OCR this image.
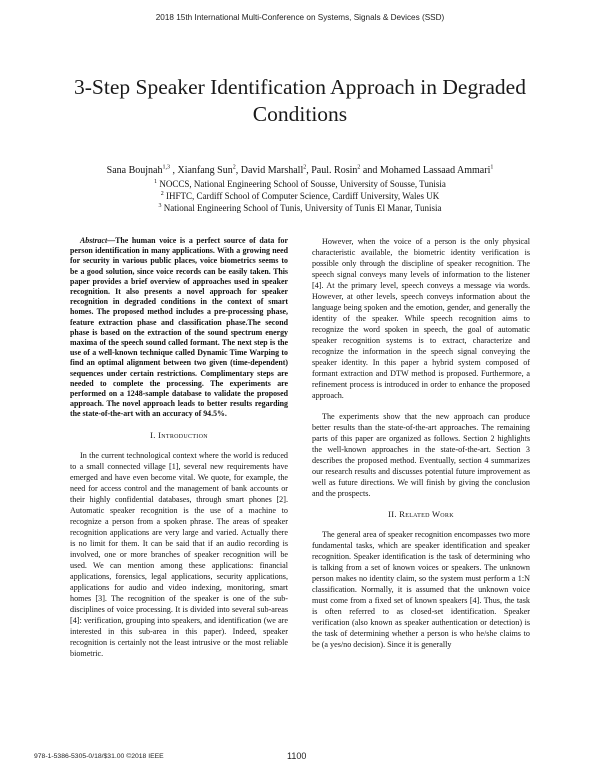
2018 15th International Multi-Conference on Systems, Signals & Devices (SSD)
3-Step Speaker Identification Approach in Degraded Conditions
Sana Boujnah$^{1,3}$ , Xianfang Sun$^2$, David Marshall$^2$, Paul. Rosin$^2$ and Mohamed Lassaad Ammari$^1$
$^1$ NOCCS, National Engineering School of Sousse, University of Sousse, Tunisia
$^2$ IHFTC, Cardiff School of Computer Science, Cardiff University, Wales UK
$^3$ National Engineering School of Tunis, University of Tunis El Manar, Tunisia

Abstract—The human voice is a perfect source of data for person identification in many applications. With a growing need for security in various public places, voice biometrics seems to be a good solution, since voice records can be easily taken. This paper provides a brief overview of approaches used in speaker recognition. It also presents a novel approach for speaker recognition in degraded conditions in the context of smart homes. The proposed method includes a pre-processing phase, feature extraction phase and classification phase.The second phase is based on the extraction of the sound spectrum energy maxima of the speech sound called formant. The next step is the use of a well-known technique called Dynamic Time Warping to find an optimal alignment between two given (time-dependent) sequences under certain restrictions. Complimentary steps are needed to complete the processing. The experiments are performed on a 1248-sample database to validate the proposed approach. The novel approach leads to better results regarding the state-of-the-art with an accuracy of 94.5%.

I. Introduction

In the current technological context where the world is reduced to a small connected village [1], several new requirements have emerged and have even become vital. We quote, for example, the need for access control and the management of bank accounts or their highly confidential databases, through smart phones [2]. Automatic speaker recognition is the use of a machine to recognize a person from a spoken phrase. The areas of speaker recognition applications are very large and varied. Actually there is no limit for them. It can be said that if an audio recording is involved, one or more branches of speaker recognition will be used. We can mention among these applications: financial applications, forensics, legal applications, security applications, applications for audio and video indexing, monitoring, smart homes [3]. The recognition of the speaker is one of the sub-disciplines of voice processing. It is divided into several sub-areas [4]: verification, grouping into speakers, and identification (we are interested in this sub-area in this paper). Indeed, speaker recognition is certainly not the least intrusive or the most reliable biometric.

However, when the voice of a person is the only physical characteristic available, the biometric identity verification is possible only through the discipline of speaker recognition. The speech signal conveys many levels of information to the listener [4]. At the primary level, speech conveys a message via words. However, at other levels, speech conveys information about the language being spoken and the emotion, gender, and generally the identity of the speaker. While speech recognition aims to recognize the word spoken in speech, the goal of automatic speaker recognition systems is to extract, characterize and recognize the information in the speech signal conveying the speaker identity. In this paper a hybrid system composed of formant extraction and DTW method is proposed. Furthermore, a refinement process is introduced in order to enhance the proposed approach.

The experiments show that the new approach can produce better results than the state-of-the-art approaches. The remaining parts of this paper are organized as follows. Section 2 highlights the well-known approaches in the state-of-the-art. Section 3 describes the proposed method. Eventually, section 4 summarizes our research results and discusses potential future improvement as well as future directions. We will finish by giving the conclusion and the prospects.

II. Related Work

The general area of speaker recognition encompasses two more fundamental tasks, which are speaker identification and speaker recognition. Speaker identification is the task of determining who is talking from a set of known voices or speakers. The unknown person makes no identity claim, so the system must perform a 1:N classification. Normally, it is assumed that the unknown voice must come from a fixed set of known speakers [4]. Thus, the task is often referred to as closed-set identification. Speaker verification (also known as speaker authentication or detection) is the task of determining whether a person is who he/she claims to be (a yes/no decision). Since it is generally

978-1-5386-5305-0/18/$31.00 ©2018 IEEE	1100
